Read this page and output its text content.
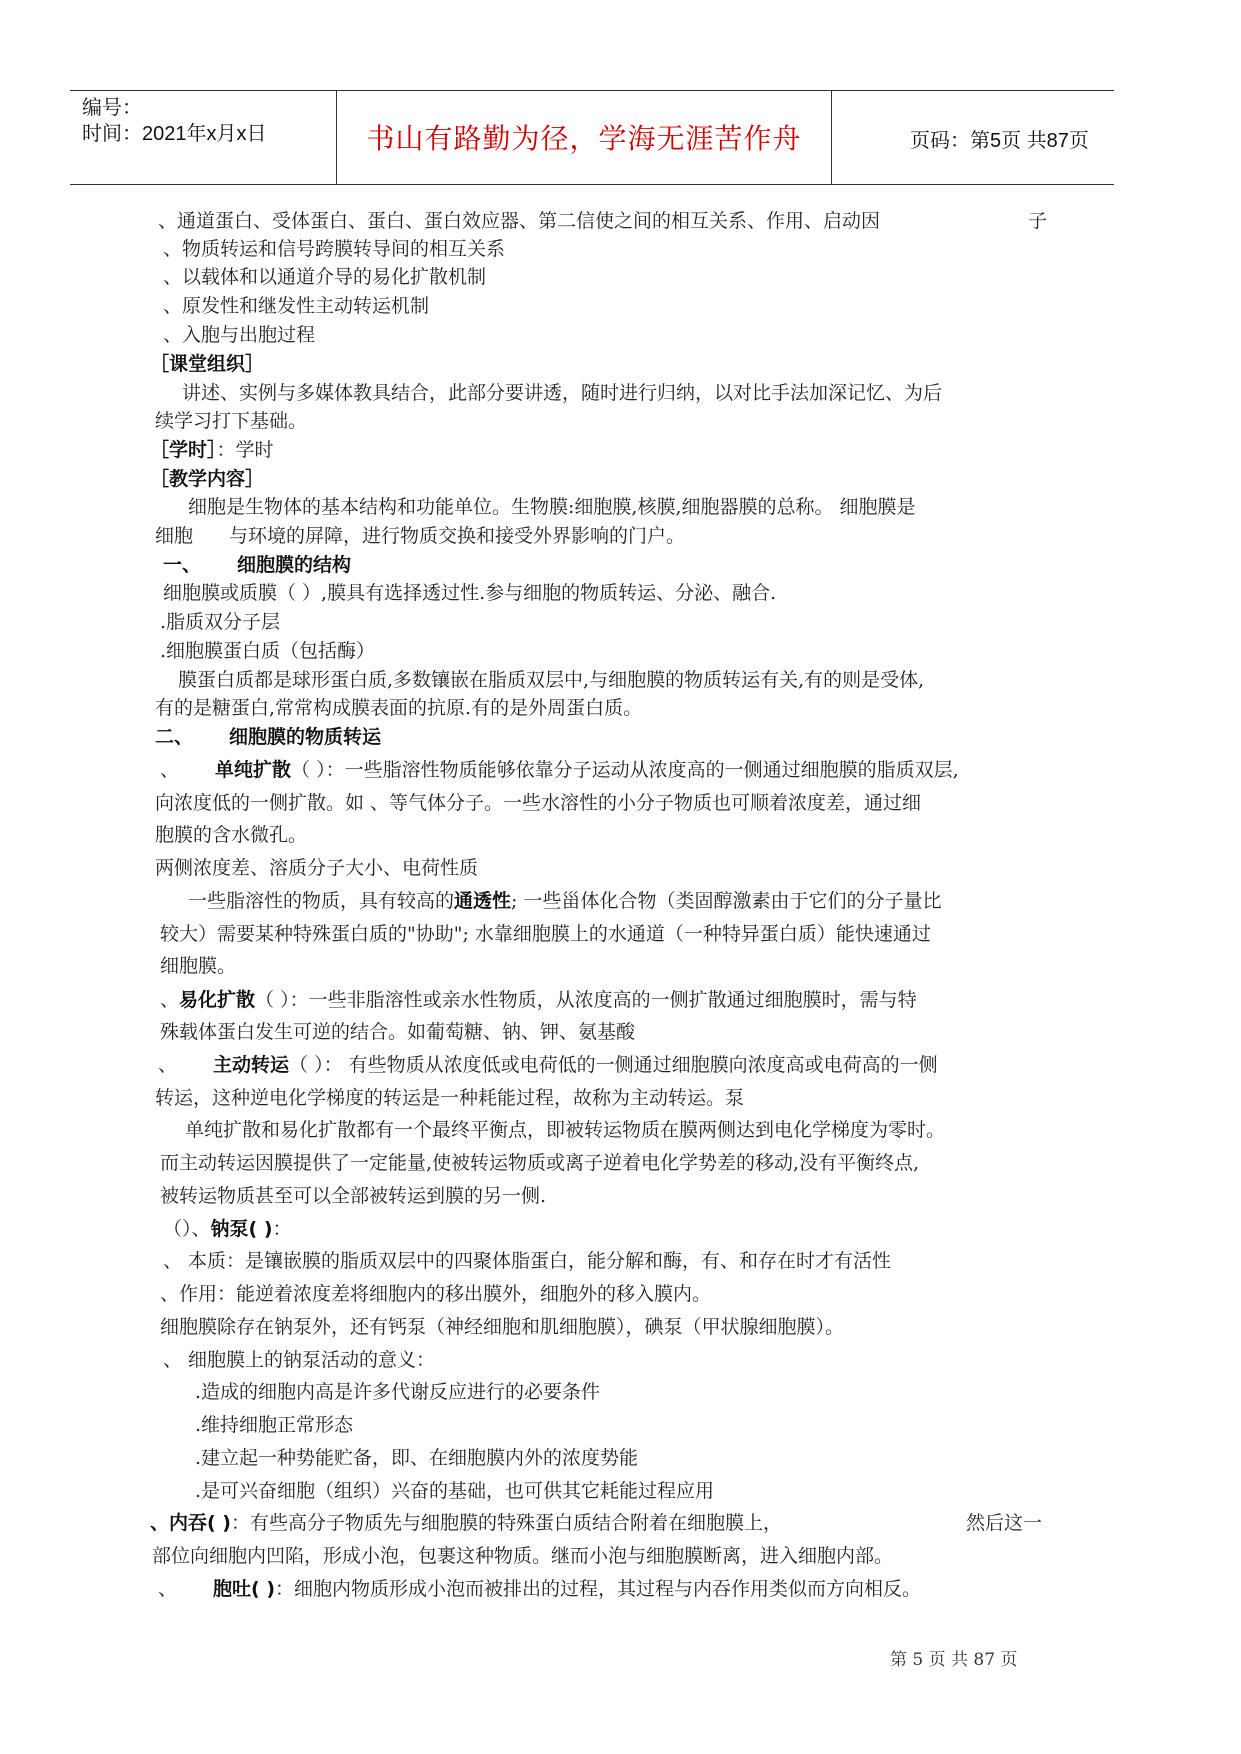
编号：
时间：2021年x月x日	书山有路勤为径，学海无涯苦作舟	页码：第5页 共87页
、通道蛋白、受体蛋白、蛋白、蛋白效应器、第二信使之间的相互关系、作用、启动因	子
、物质转运和信号跨膜转导间的相互关系
、以载体和以通道介导的易化扩散机制
、原发性和继发性主动转运机制
、入胞与出胞过程
［课堂组织］
讲述、实例与多媒体教具结合，此部分要讲透，随时进行归纳，以对比手法加深记忆、为后
续学习打下基础。
［学时］：学时
［教学内容］
细胞是生物体的基本结构和功能单位。生物膜:细胞膜,核膜,细胞器膜的总称。 细胞膜是
细胞 与环境的屏障，进行物质交换和接受外界影响的门户。
一、 细胞膜的结构
细胞膜或质膜（ ）,膜具有选择透过性.参与细胞的物质转运、分泌、融合.
.脂质双分子层
.细胞膜蛋白质（包括酶）
膜蛋白质都是球形蛋白质,多数镶嵌在脂质双层中,与细胞膜的物质转运有关,有的则是受体,
有的是糖蛋白,常常构成膜表面的抗原.有的是外周蛋白质。
二、 细胞膜的物质转运
、 单纯扩散（ ）：一些脂溶性物质能够依靠分子运动从浓度高的一侧通过细胞膜的脂质双层,
向浓度低的一侧扩散。如 、等气体分子。一些水溶性的小分子物质也可顺着浓度差，通过细
胞膜的含水微孔。
两侧浓度差、溶质分子大小、电荷性质
一些脂溶性的物质，具有较高的通透性; 一些甾体化合物（类固醇激素由于它们的分子量比
较大）需要某种特殊蛋白质的"协助"; 水靠细胞膜上的水通道（一种特异蛋白质）能快速通过
细胞膜。
、易化扩散（ ）：一些非脂溶性或亲水性物质，从浓度高的一侧扩散通过细胞膜时，需与特
殊载体蛋白发生可逆的结合。如葡萄糖、钠、钾、氨基酸
、 主动转运（ ）： 有些物质从浓度低或电荷低的一侧通过细胞膜向浓度高或电荷高的一侧
转运，这种逆电化学梯度的转运是一种耗能过程，故称为主动转运。泵
单纯扩散和易化扩散都有一个最终平衡点，即被转运物质在膜两侧达到电化学梯度为零时。
而主动转运因膜提供了一定能量,使被转运物质或离子逆着电化学势差的移动,没有平衡终点,
被转运物质甚至可以全部被转运到膜的另一侧.
（）、钠泵( )：
、 本质：是镶嵌膜的脂质双层中的四聚体脂蛋白，能分解和酶，有、和存在时才有活性
、作用：能逆着浓度差将细胞内的移出膜外，细胞外的移入膜内。
细胞膜除存在钠泵外，还有钙泵（神经细胞和肌细胞膜），碘泵（甲状腺细胞膜）。
、 细胞膜上的钠泵活动的意义：
.造成的细胞内高是许多代谢反应进行的必要条件
.维持细胞正常形态
.建立起一种势能贮备，即、在细胞膜内外的浓度势能
.是可兴奋细胞（组织）兴奋的基础，也可供其它耗能过程应用
、内吞( )：有些高分子物质先与细胞膜的特殊蛋白质结合附着在细胞膜上，	然后这一
部位向细胞内凹陷，形成小泡，包裹这种物质。继而小泡与细胞膜断离，进入细胞内部。
、 胞吐( )：细胞内物质形成小泡而被排出的过程，其过程与内吞作用类似而方向相反。
第 5 页 共 87 页
